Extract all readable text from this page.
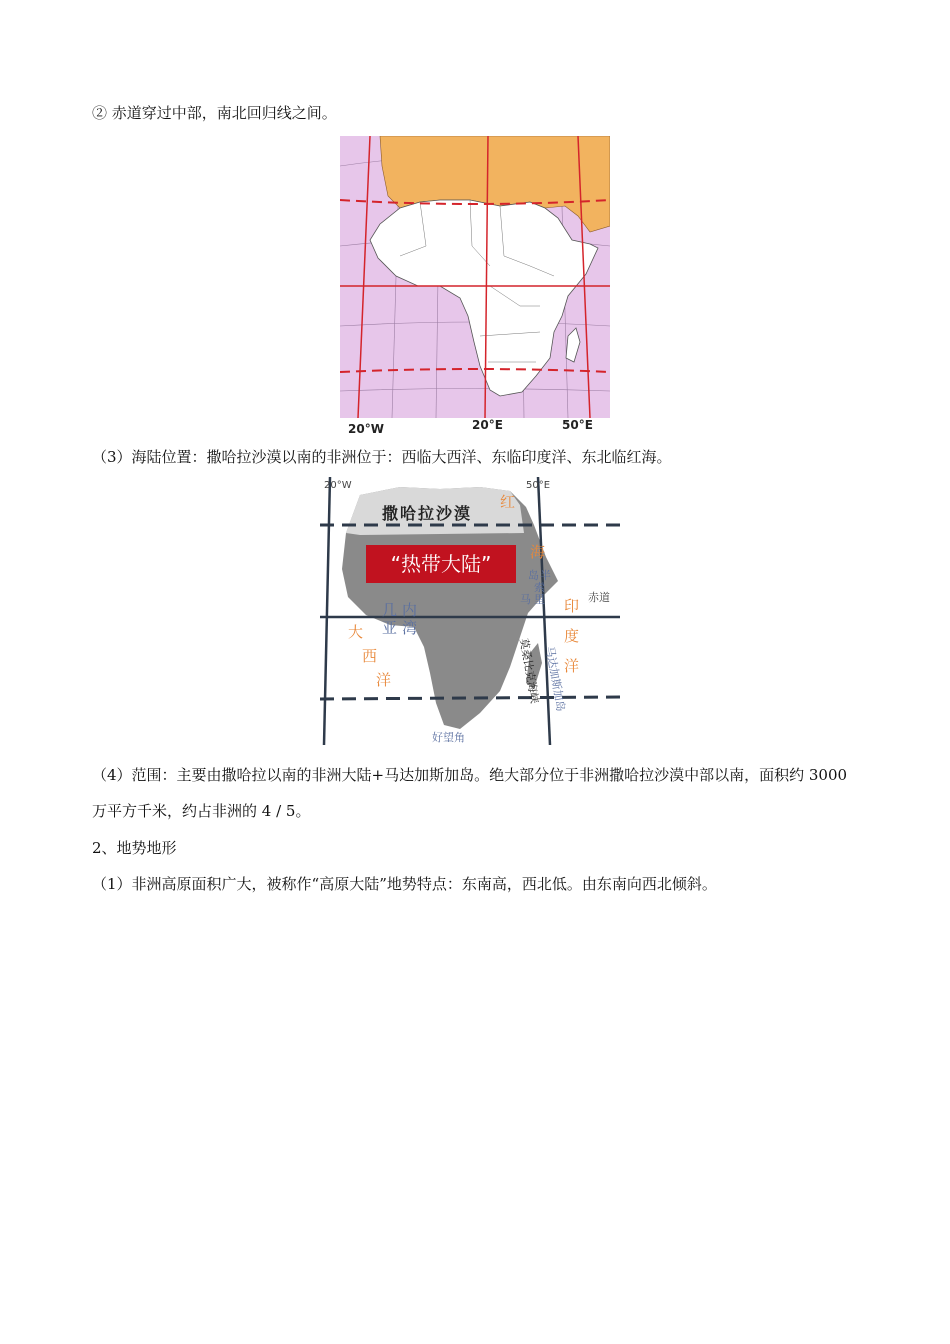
② 赤道穿过中部，南北回归线之间。
20°W	20°E	50°E
（3）海陆位置：撒哈拉沙漠以南的非洲位于：西临大西洋、东临印度洋、东北临红海。
20°W	50°E
撒哈拉沙漠
“热带大陆”
赤道
红
海
岛 半
索
马 里 印
度
洋
大
西
洋
几 内
亚 湾
莫桑比克海峡 马达加斯加岛
好望角
（4）范围：主要由撒哈拉以南的非洲大陆+马达加斯加岛。绝大部分位于非洲撒哈拉沙漠中部以南，面积约 3000 万平方千米，约占非洲的 4 / 5。
2、地势地形
（1）非洲高原面积广大，被称作“高原大陆”地势特点：东南高，西北低。由东南向西北倾斜。
